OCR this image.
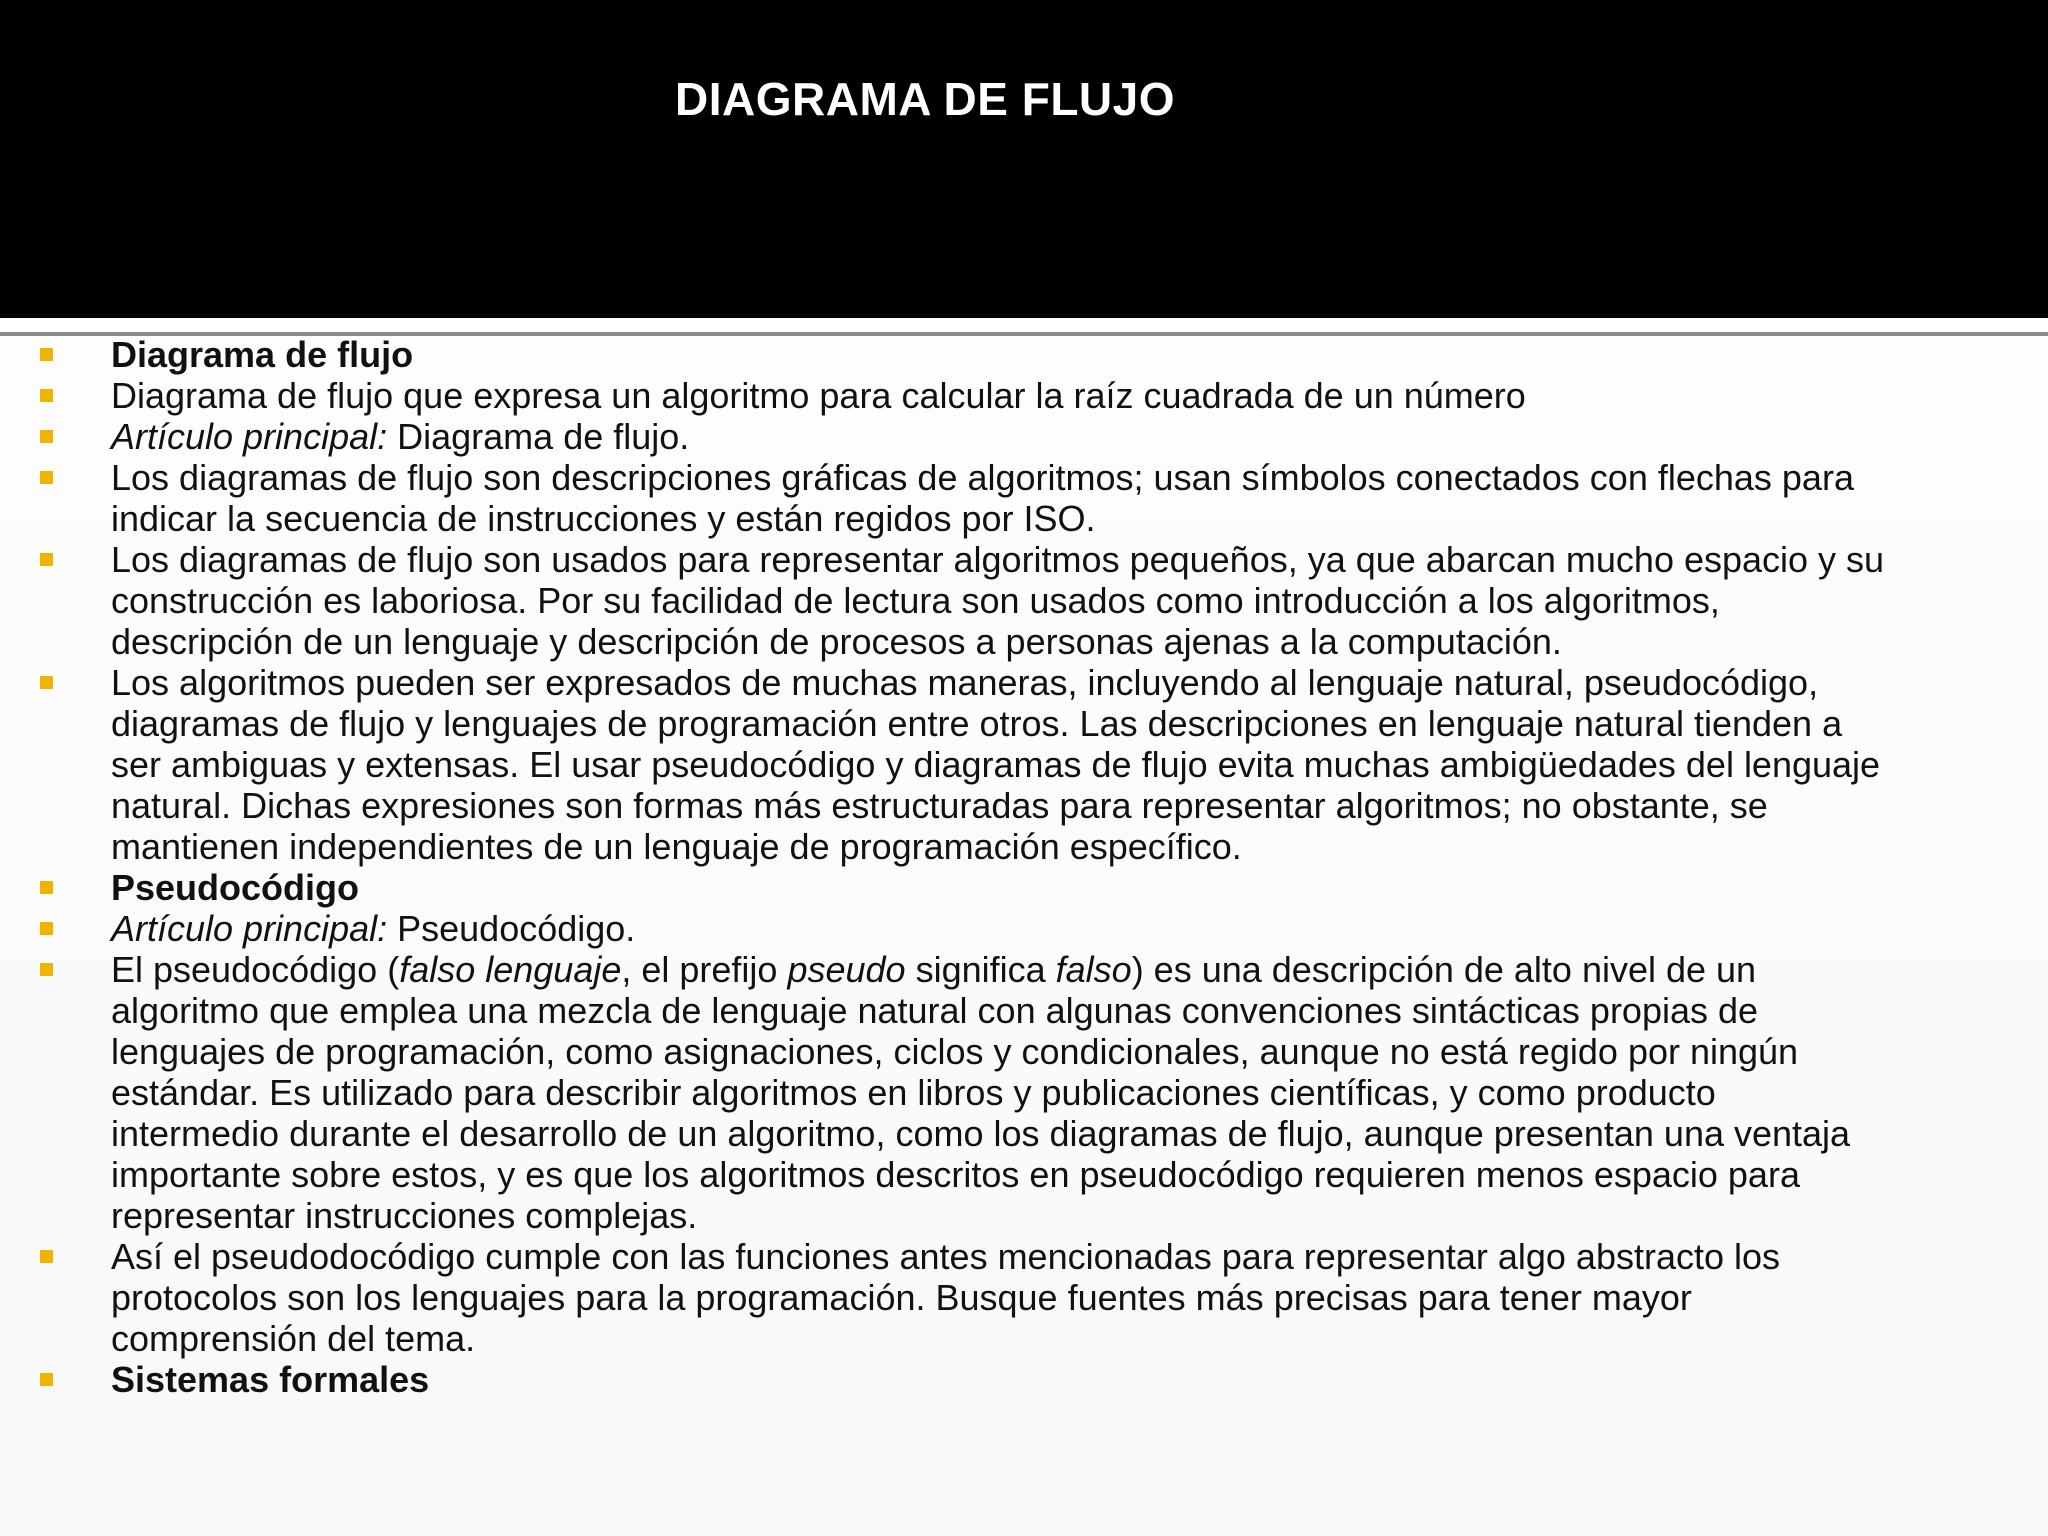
DIAGRAMA DE FLUJO
Diagrama de flujo
Diagrama de flujo que expresa un algoritmo para calcular la raíz cuadrada de un número
Artículo principal: Diagrama de flujo.
Los diagramas de flujo son descripciones gráficas de algoritmos; usan símbolos conectados con flechas para
indicar la secuencia de instrucciones y están regidos por ISO.
Los diagramas de flujo son usados para representar algoritmos pequeños, ya que abarcan mucho espacio y su
construcción es laboriosa. Por su facilidad de lectura son usados como introducción a los algoritmos,
descripción de un lenguaje y descripción de procesos a personas ajenas a la computación.
Los algoritmos pueden ser expresados de muchas maneras, incluyendo al lenguaje natural, pseudocódigo,
diagramas de flujo y lenguajes de programación entre otros. Las descripciones en lenguaje natural tienden a
ser ambiguas y extensas. El usar pseudocódigo y diagramas de flujo evita muchas ambigüedades del lenguaje
natural. Dichas expresiones son formas más estructuradas para representar algoritmos; no obstante, se
mantienen independientes de un lenguaje de programación específico.
Pseudocódigo
Artículo principal: Pseudocódigo.
El pseudocódigo (falso lenguaje, el prefijo pseudo significa falso) es una descripción de alto nivel de un
algoritmo que emplea una mezcla de lenguaje natural con algunas convenciones sintácticas propias de
lenguajes de programación, como asignaciones, ciclos y condicionales, aunque no está regido por ningún
estándar. Es utilizado para describir algoritmos en libros y publicaciones científicas, y como producto
intermedio durante el desarrollo de un algoritmo, como los diagramas de flujo, aunque presentan una ventaja
importante sobre estos, y es que los algoritmos descritos en pseudocódigo requieren menos espacio para
representar instrucciones complejas.
Así el pseudodocódigo cumple con las funciones antes mencionadas para representar algo abstracto los
protocolos son los lenguajes para la programación. Busque fuentes más precisas para tener mayor
comprensión del tema.
Sistemas formales
